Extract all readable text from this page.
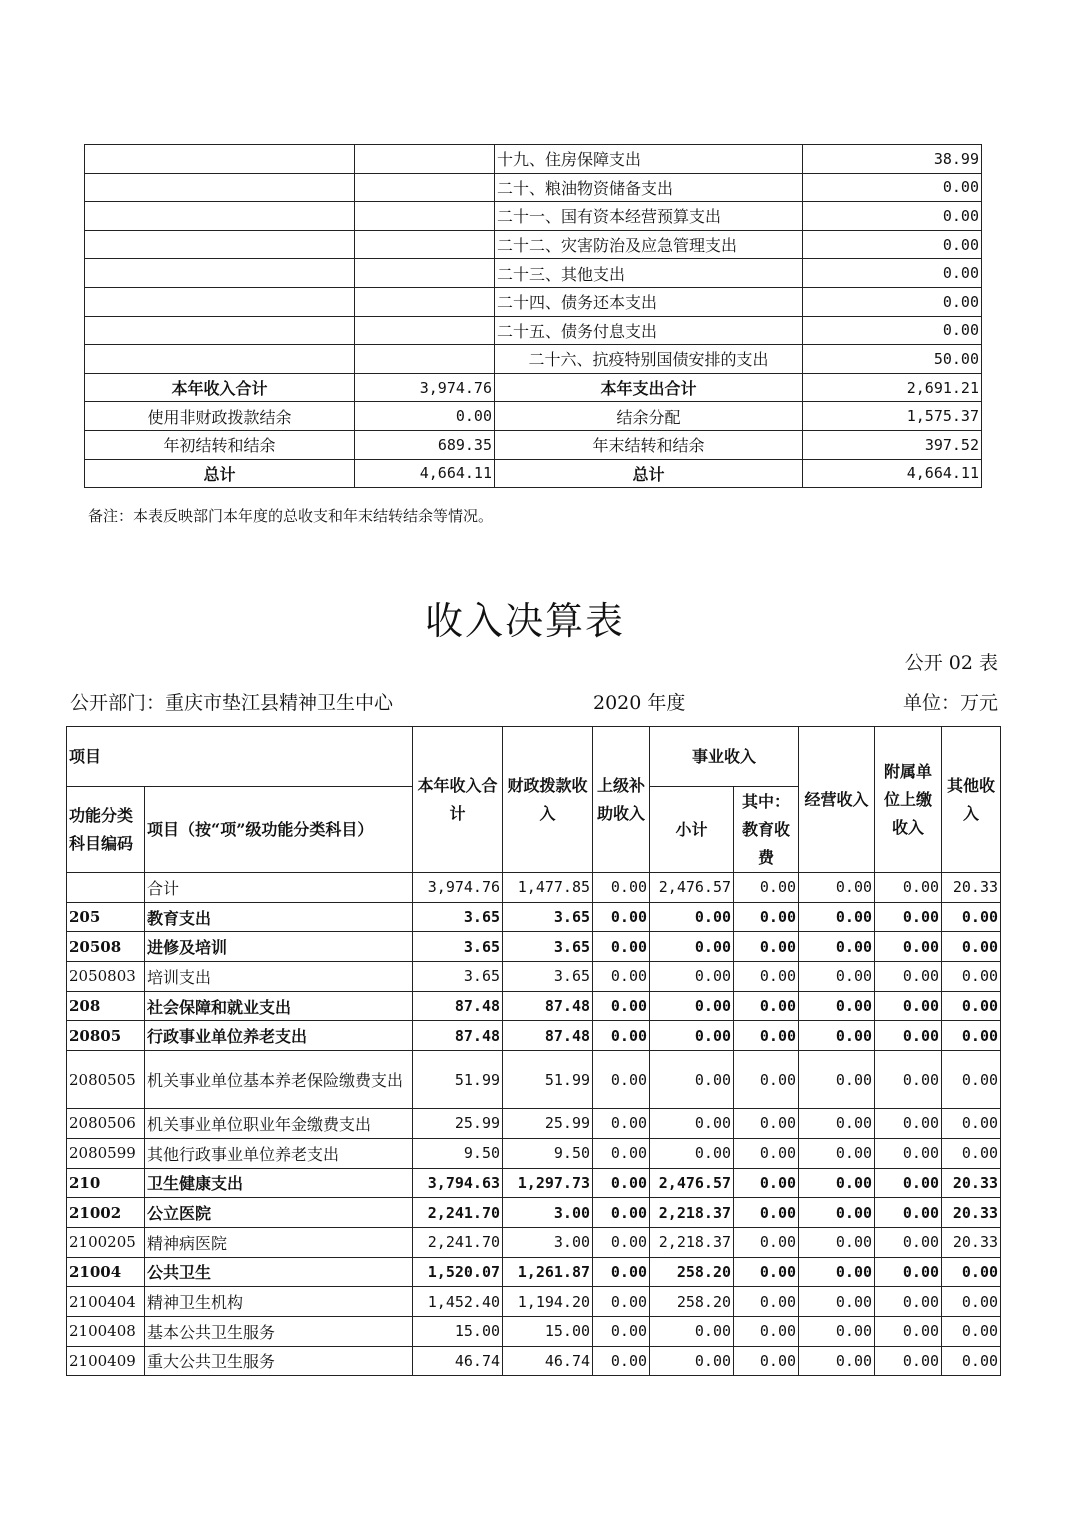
		十九、住房保障支出	38.99
		二十、粮油物资储备支出	0.00
		二十一、国有资本经营预算支出	0.00
		二十二、灾害防治及应急管理支出	0.00
		二十三、其他支出	0.00
		二十四、债务还本支出	0.00
		二十五、债务付息支出	0.00
		二十六、抗疫特别国债安排的支出	50.00
本年收入合计	3,974.76	本年支出合计	2,691.21
使用非财政拨款结余	0.00	结余分配	1,575.37
年初结转和结余	689.35	年末结转和结余	397.52
总计	4,664.11	总计	4,664.11
备注：本表反映部门本年度的总收支和年末结转结余等情况。
收入决算表
公开 02 表
公开部门：重庆市垫江县精神卫生中心	2020 年度	单位：万元
项目		本年收入合计	财政拨款收入	上级补助收入	事业收入		经营收入	附属单位上缴收入	其他收入
功能分类科目编码	项目（按“项”级功能分类科目）				小计	其中：教育收费			

	合计	3,974.76	1,477.85	0.00	2,476.57	0.00	0.00	0.00	20.33
205	教育支出	3.65	3.65	0.00	0.00	0.00	0.00	0.00	0.00
20508	进修及培训	3.65	3.65	0.00	0.00	0.00	0.00	0.00	0.00
2050803	培训支出	3.65	3.65	0.00	0.00	0.00	0.00	0.00	0.00
208	社会保障和就业支出	87.48	87.48	0.00	0.00	0.00	0.00	0.00	0.00
20805	行政事业单位养老支出	87.48	87.48	0.00	0.00	0.00	0.00	0.00	0.00
2080505	机关事业单位基本养老保险缴费支出	51.99	51.99	0.00	0.00	0.00	0.00	0.00	0.00
2080506	机关事业单位职业年金缴费支出	25.99	25.99	0.00	0.00	0.00	0.00	0.00	0.00
2080599	其他行政事业单位养老支出	9.50	9.50	0.00	0.00	0.00	0.00	0.00	0.00
210	卫生健康支出	3,794.63	1,297.73	0.00	2,476.57	0.00	0.00	0.00	20.33
21002	公立医院	2,241.70	3.00	0.00	2,218.37	0.00	0.00	0.00	20.33
2100205	精神病医院	2,241.70	3.00	0.00	2,218.37	0.00	0.00	0.00	20.33
21004	公共卫生	1,520.07	1,261.87	0.00	258.20	0.00	0.00	0.00	0.00
2100404	精神卫生机构	1,452.40	1,194.20	0.00	258.20	0.00	0.00	0.00	0.00
2100408	基本公共卫生服务	15.00	15.00	0.00	0.00	0.00	0.00	0.00	0.00
2100409	重大公共卫生服务	46.74	46.74	0.00	0.00	0.00	0.00	0.00	0.00
